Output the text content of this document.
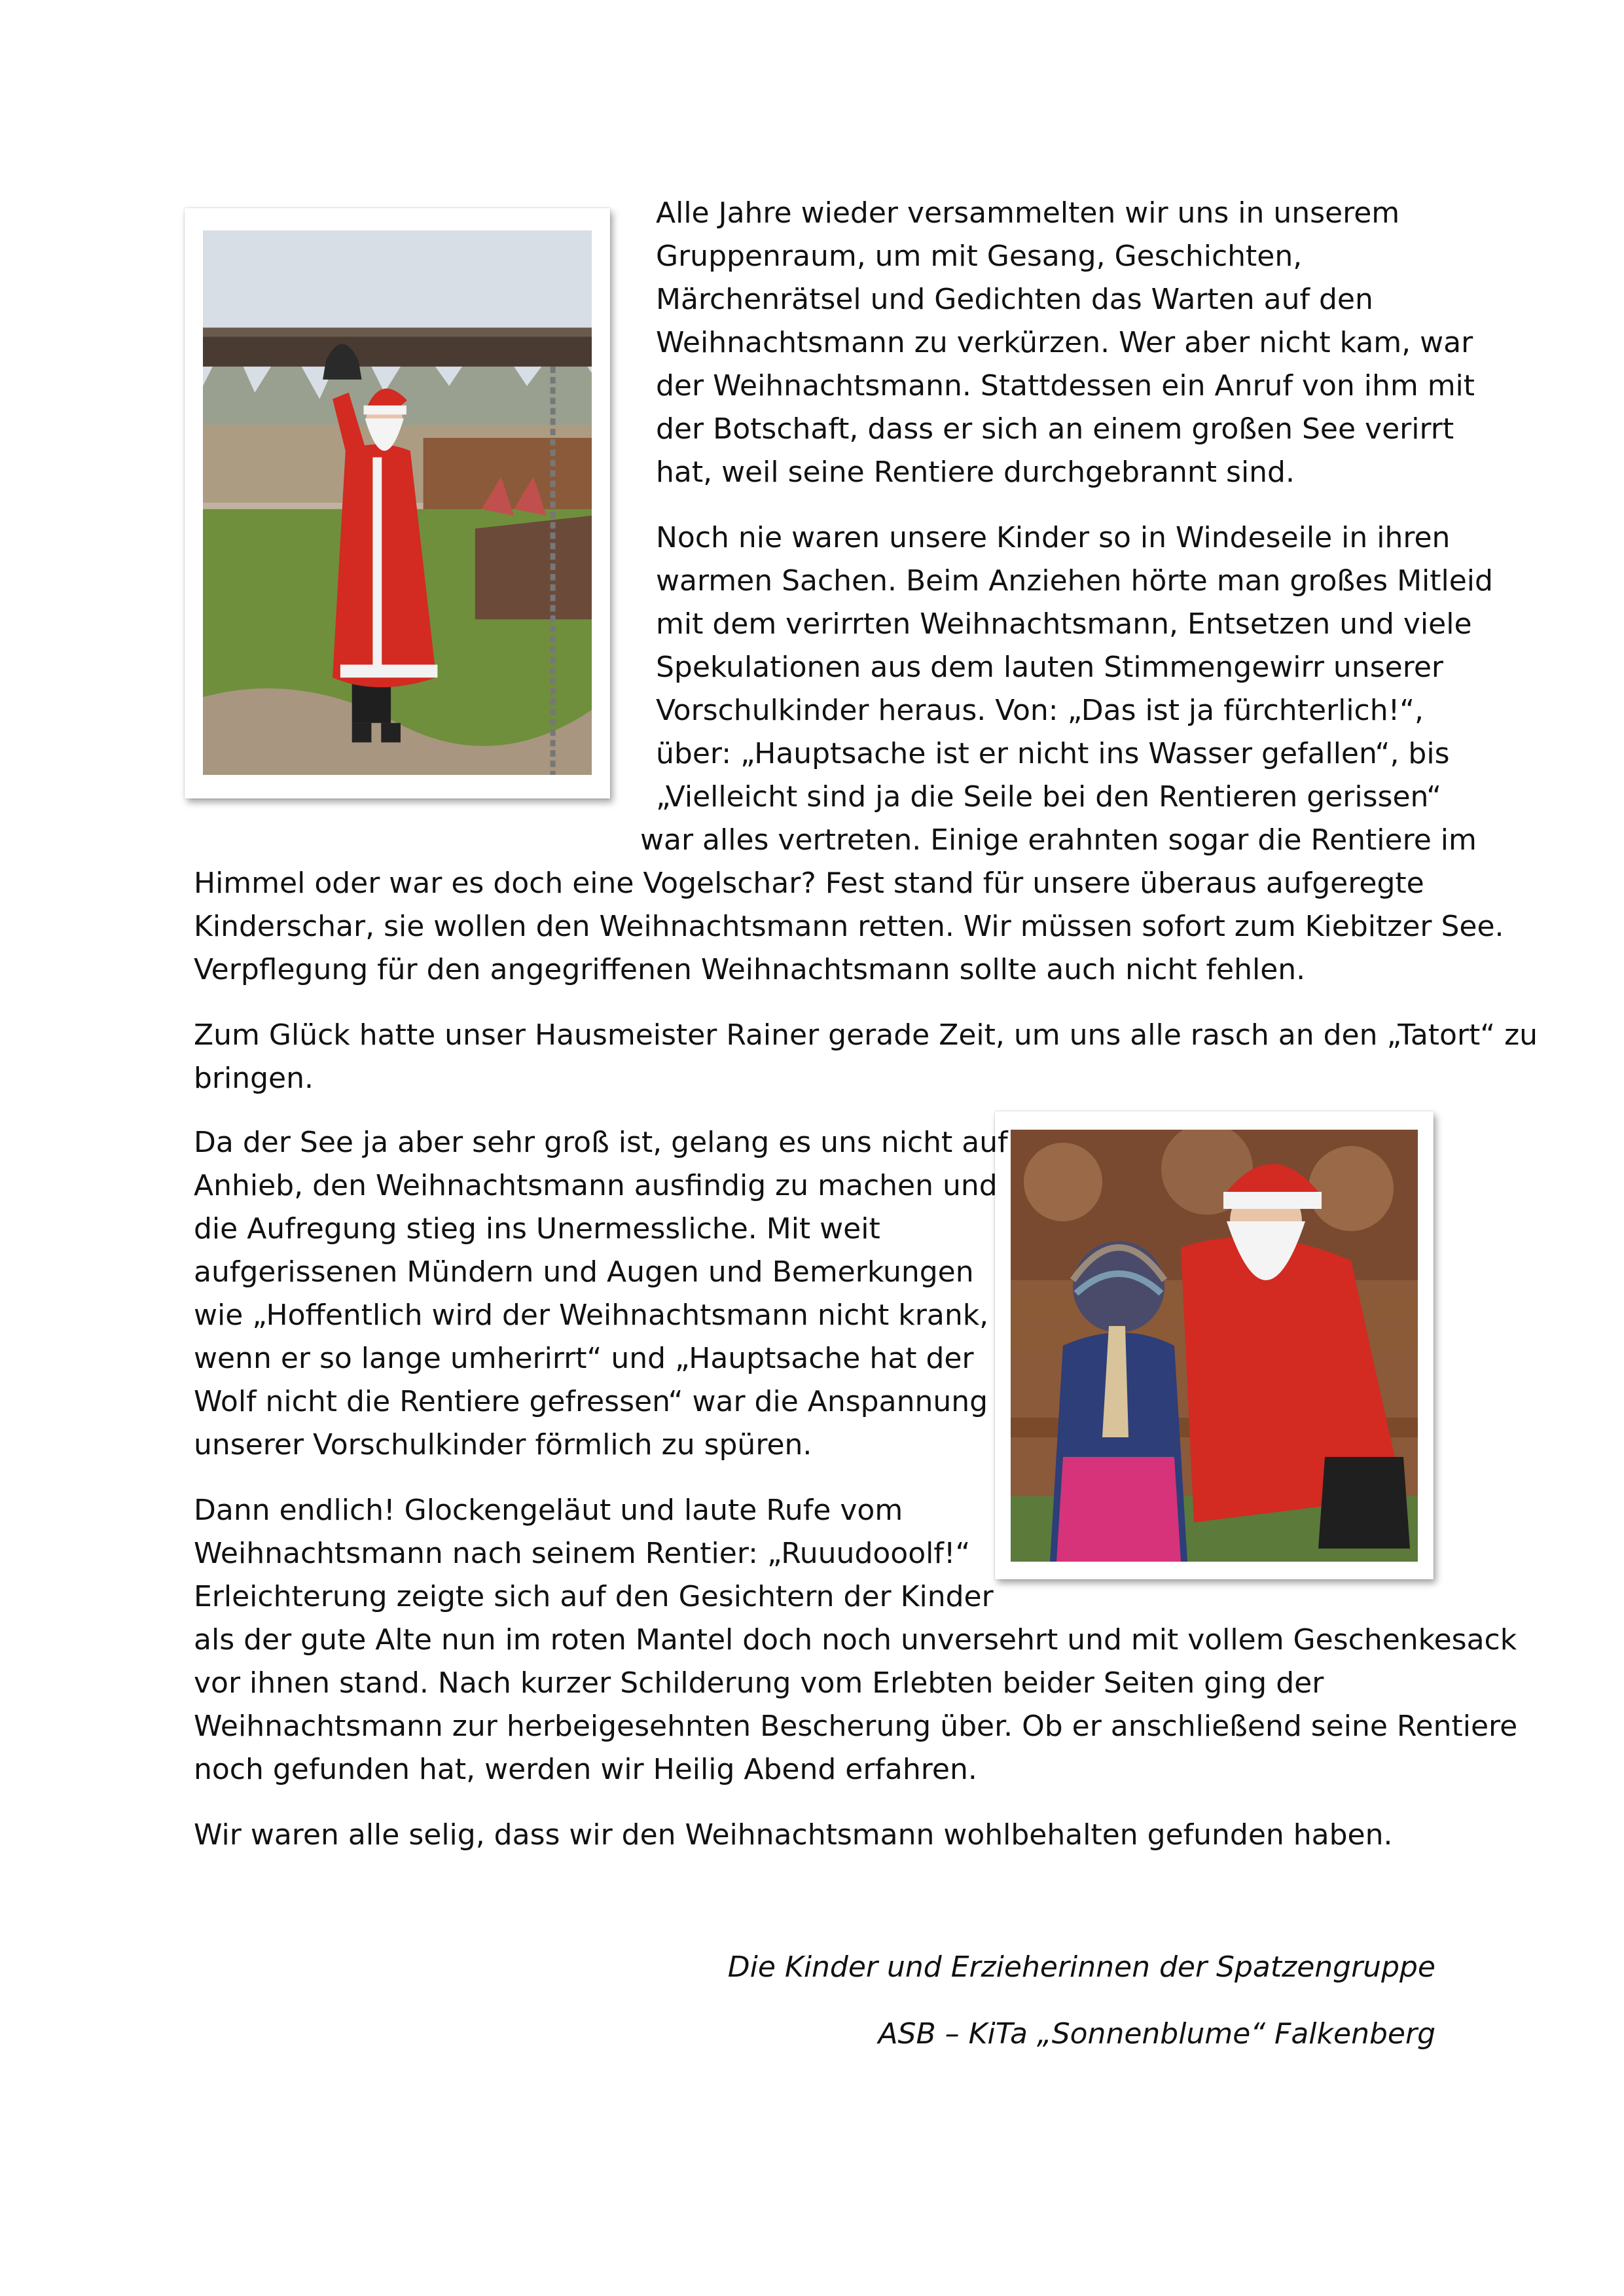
Alle Jahre wieder versammelten wir uns in unserem

Gruppenraum, um mit Gesang, Geschichten,

Märchenrätsel und Gedichten das Warten auf den

Weihnachtsmann zu verkürzen. Wer aber nicht kam, war

der Weihnachtsmann. Stattdessen ein Anruf von ihm mit

der Botschaft, dass er sich an einem großen See verirrt

hat, weil seine Rentiere durchgebrannt sind.

Noch nie waren unsere Kinder so in Windeseile in ihren

warmen Sachen. Beim Anziehen hörte man großes Mitleid

mit dem verirrten Weihnachtsmann, Entsetzen und viele

Spekulationen aus dem lauten Stimmengewirr unserer

Vorschulkinder heraus. Von: „Das ist ja fürchterlich!“,

über: „Hauptsache ist er nicht ins Wasser gefallen“, bis

„Vielleicht sind ja die Seile bei den Rentieren gerissen“

war alles vertreten. Einige erahnten sogar die Rentiere im

Himmel oder war es doch eine Vogelschar? Fest stand für unsere überaus aufgeregte

Kinderschar, sie wollen den Weihnachtsmann retten. Wir müssen sofort zum Kiebitzer See.

Verpflegung für den angegriffenen Weihnachtsmann sollte auch nicht fehlen.

Zum Glück hatte unser Hausmeister Rainer gerade Zeit, um uns alle rasch an den „Tatort“ zu

bringen.

Da der See ja aber sehr groß ist, gelang es uns nicht auf

Anhieb, den Weihnachtsmann ausfindig zu machen und

die Aufregung stieg ins Unermessliche. Mit weit

aufgerissenen Mündern und Augen und Bemerkungen

wie „Hoffentlich wird der Weihnachtsmann nicht krank,

wenn er so lange umherirrt“ und „Hauptsache hat der

Wolf nicht die Rentiere gefressen“ war die Anspannung

unserer Vorschulkinder förmlich zu spüren.

Dann endlich! Glockengeläut und laute Rufe vom

Weihnachtsmann nach seinem Rentier: „Ruuudooolf!“

Erleichterung zeigte sich auf den Gesichtern der Kinder

als der gute Alte nun im roten Mantel doch noch unversehrt und mit vollem Geschenkesack

vor ihnen stand. Nach kurzer Schilderung vom Erlebten beider Seiten ging der

Weihnachtsmann zur herbeigesehnten Bescherung über. Ob er anschließend seine Rentiere

noch gefunden hat, werden wir Heilig Abend erfahren.

Wir waren alle selig, dass wir den Weihnachtsmann wohlbehalten gefunden haben.

Die Kinder und Erzieherinnen der Spatzengruppe
ASB – KiTa „Sonnenblume“ Falkenberg
